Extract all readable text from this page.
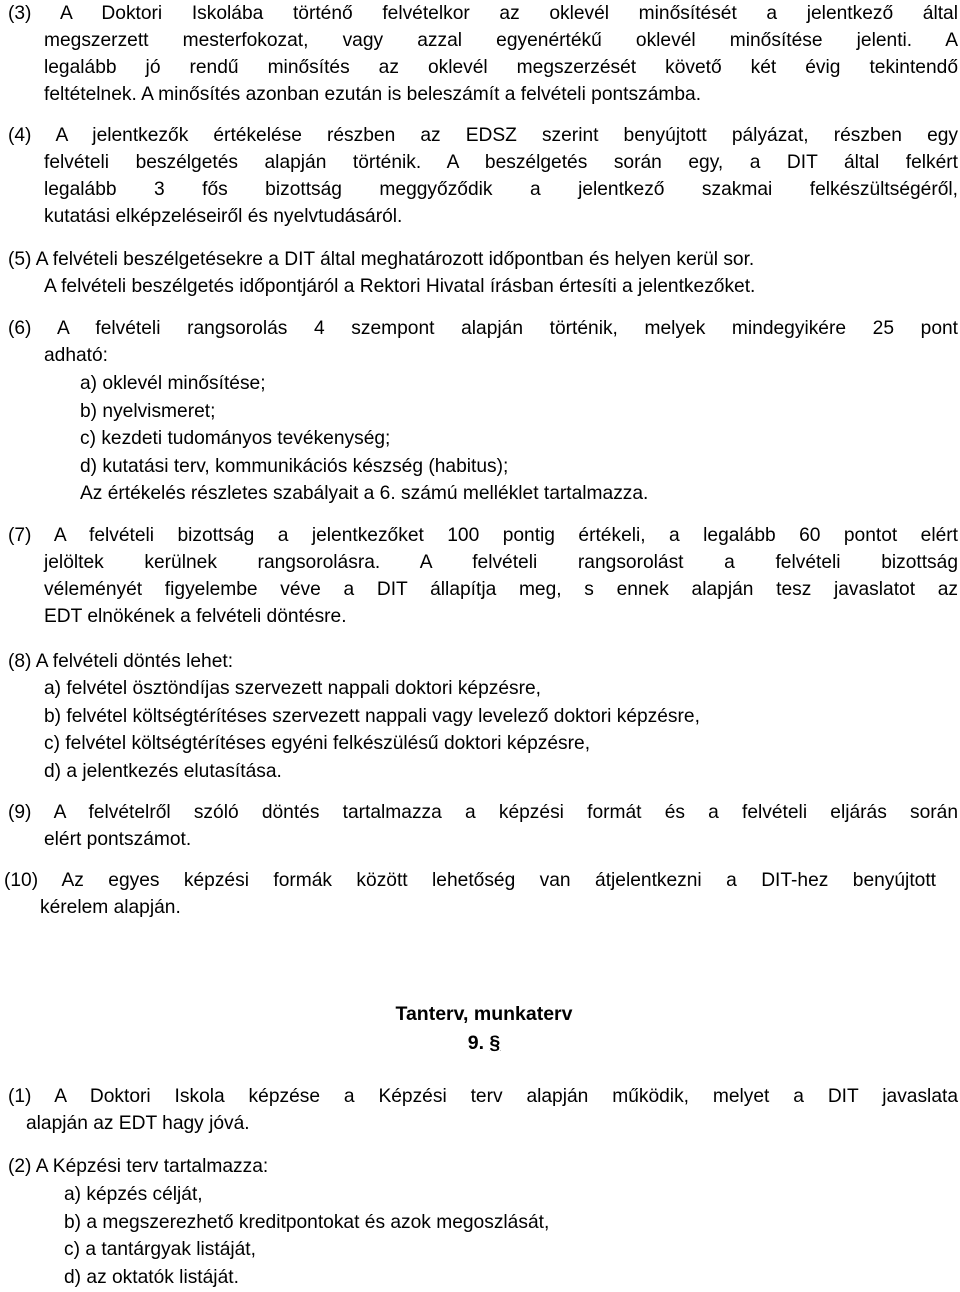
(3) A Doktori Iskolába történő felvételkor az oklevél minősítését a jelentkező által
megszerzett mesterfokozat, vagy azzal egyenértékű oklevél minősítése jelenti. A
legalább jó rendű minősítés az oklevél megszerzését követő két évig tekintendő
feltételnek. A minősítés azonban ezután is beleszámít a felvételi pontszámba.
(4) A jelentkezők értékelése részben az EDSZ szerint benyújtott pályázat, részben egy
felvételi beszélgetés alapján történik. A beszélgetés során egy, a DIT által felkért
legalább 3 fős bizottság meggyőződik a jelentkező szakmai felkészültségéről,
kutatási elképzeléseiről és nyelvtudásáról.
(5) A felvételi beszélgetésekre a DIT által meghatározott időpontban és helyen kerül sor.
A felvételi beszélgetés időpontjáról a Rektori Hivatal írásban értesíti a jelentkezőket.
(6) A felvételi rangsorolás 4 szempont alapján történik, melyek mindegyikére 25 pont
adható:
a) oklevél minősítése;
b) nyelvismeret;
c) kezdeti tudományos tevékenység;
d) kutatási terv, kommunikációs készség (habitus);
Az értékelés részletes szabályait a 6. számú melléklet tartalmazza.
(7) A felvételi bizottság a jelentkezőket 100 pontig értékeli, a legalább 60 pontot elért
jelöltek kerülnek rangsorolásra. A felvételi rangsorolást a felvételi bizottság
véleményét figyelembe véve a DIT állapítja meg, s ennek alapján tesz javaslatot az
EDT elnökének a felvételi döntésre.
(8) A felvételi döntés lehet:
a) felvétel ösztöndíjas szervezett nappali doktori képzésre,
b) felvétel költségtérítéses szervezett nappali vagy levelező doktori képzésre,
c) felvétel költségtérítéses egyéni felkészülésű doktori képzésre,
d) a jelentkezés elutasítása.
(9) A felvételről szóló döntés tartalmazza a képzési formát és a felvételi eljárás során
elért pontszámot.
(10) Az egyes képzési formák között lehetőség van átjelentkezni a DIT-hez benyújtott
kérelem alapján.
Tanterv, munkaterv
9. §
(1) A Doktori Iskola képzése a Képzési terv alapján működik, melyet a DIT javaslata
alapján az EDT hagy jóvá.
(2) A Képzési terv tartalmazza:
a) képzés célját,
b) a megszerezhető kreditpontokat és azok megoszlását,
c) a tantárgyak listáját,
d) az oktatók listáját.
